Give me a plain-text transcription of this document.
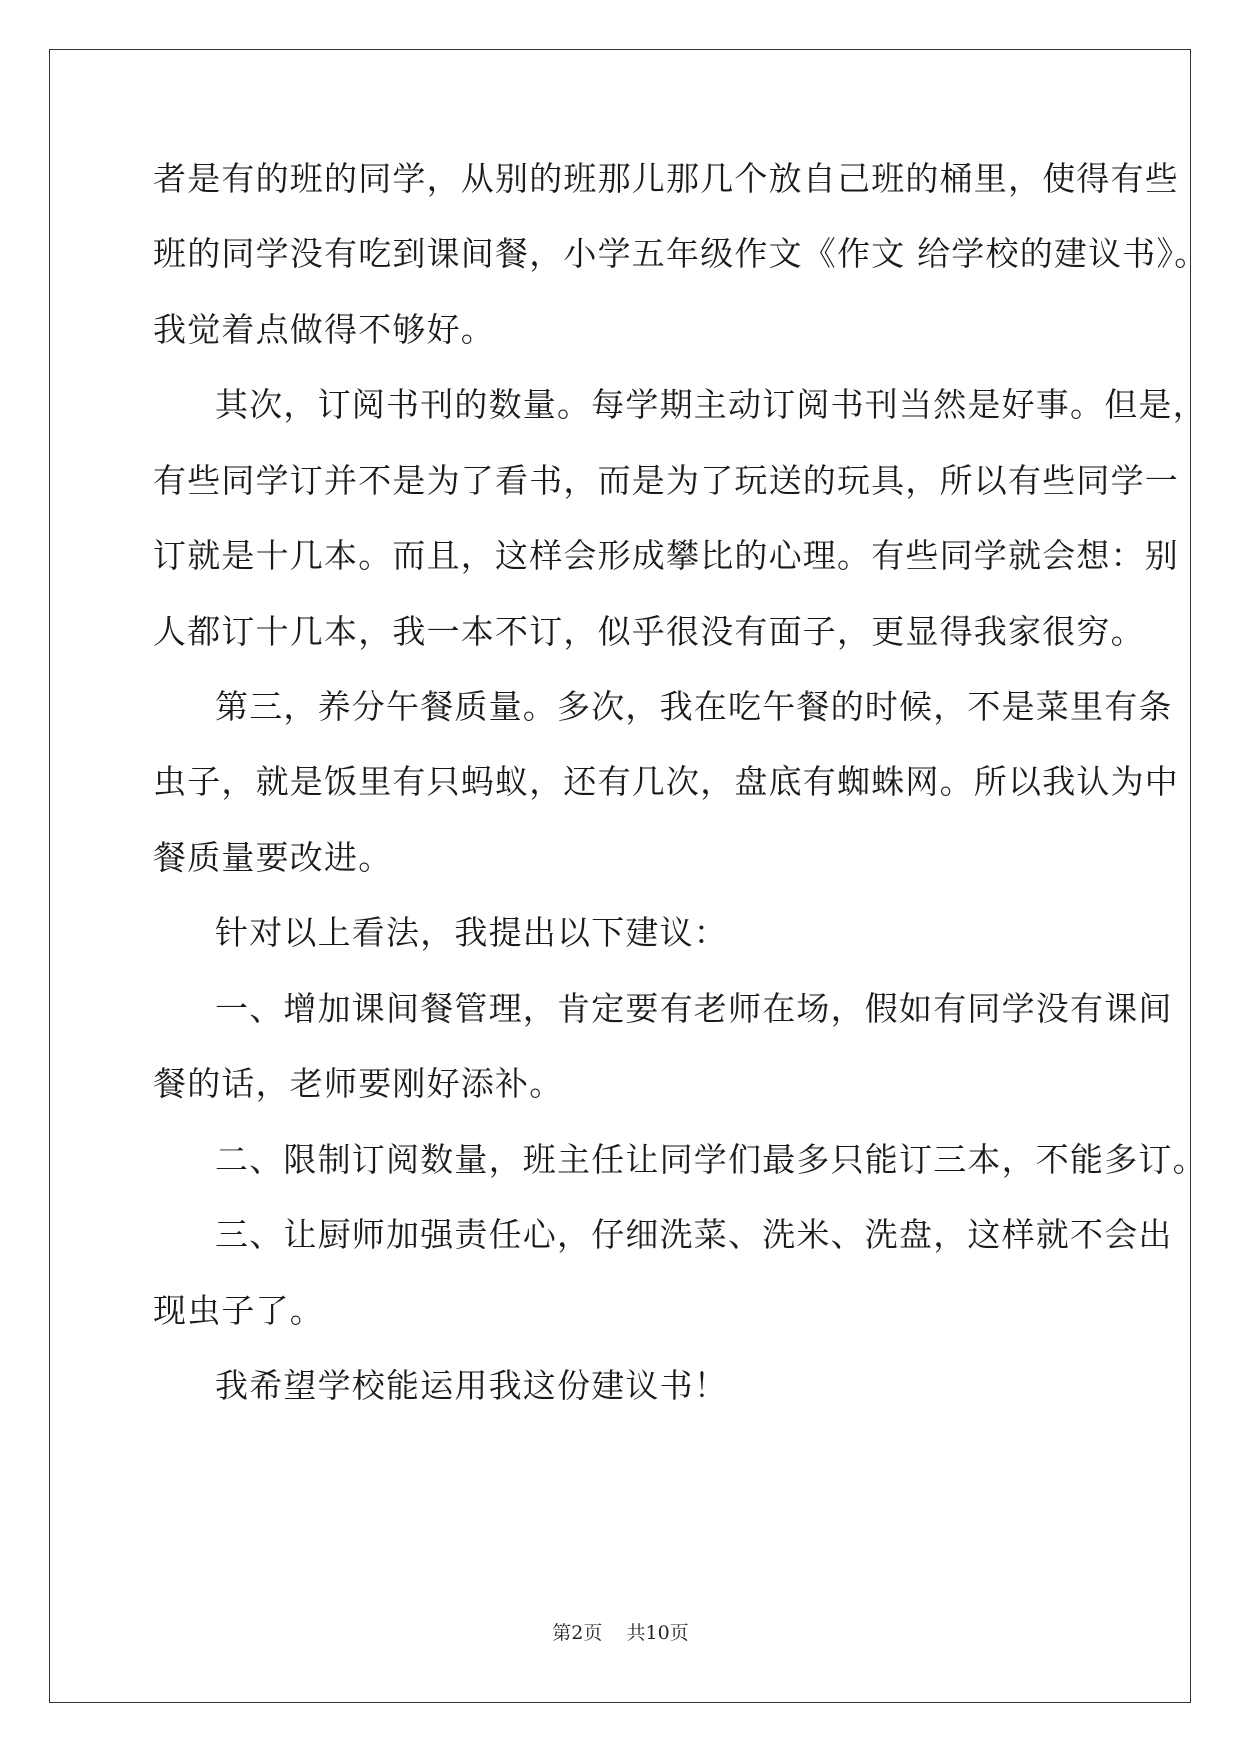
者是有的班的同学，从别的班那儿那几个放自己班的桶里，使得有些
班的同学没有吃到课间餐，小学五年级作文《作文 给学校的建议书》。
我觉着点做得不够好。
其次，订阅书刊的数量。每学期主动订阅书刊当然是好事。但是，
有些同学订并不是为了看书，而是为了玩送的玩具，所以有些同学一
订就是十几本。而且，这样会形成攀比的心理。有些同学就会想：别
人都订十几本，我一本不订，似乎很没有面子，更显得我家很穷。
第三，养分午餐质量。多次，我在吃午餐的时候，不是菜里有条
虫子，就是饭里有只蚂蚁，还有几次，盘底有蜘蛛网。所以我认为中
餐质量要改进。
针对以上看法，我提出以下建议：
一、增加课间餐管理，肯定要有老师在场，假如有同学没有课间
餐的话，老师要刚好添补。
二、限制订阅数量，班主任让同学们最多只能订三本，不能多订。
三、让厨师加强责任心，仔细洗菜、洗米、洗盘，这样就不会出
现虫子了。
我希望学校能运用我这份建议书！
第2页 共10页
